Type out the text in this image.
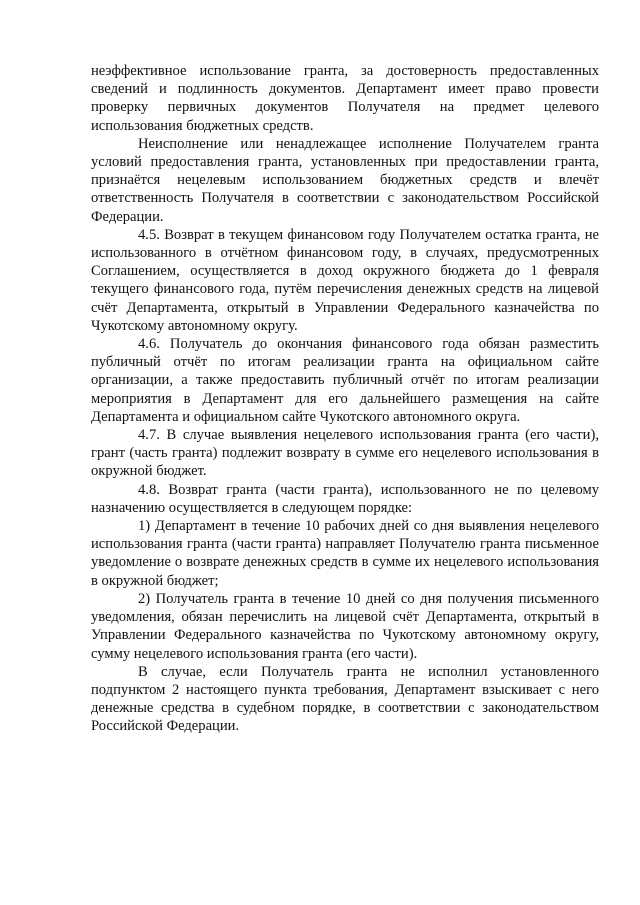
неэффективное использование гранта, за достоверность предоставленных сведений и подлинность документов. Департамент имеет право провести проверку первичных документов Получателя на предмет целевого использования бюджетных средств.

Неисполнение или ненадлежащее исполнение Получателем гранта условий предоставления гранта, установленных при предоставлении гранта, признаётся нецелевым использованием бюджетных средств и влечёт ответственность Получателя в соответствии с законодательством Российской Федерации.

4.5. Возврат в текущем финансовом году Получателем остатка гранта, не использованного в отчётном финансовом году, в случаях, предусмотренных Соглашением, осуществляется в доход окружного бюджета до 1 февраля текущего финансового года, путём перечисления денежных средств на лицевой счёт Департамента, открытый в Управлении Федерального казначейства по Чукотскому автономному округу.

4.6. Получатель до окончания финансового года обязан разместить публичный отчёт по итогам реализации гранта на официальном сайте организации, а также предоставить публичный отчёт по итогам реализации мероприятия в Департамент для его дальнейшего размещения на сайте Департамента и официальном сайте Чукотского автономного округа.

4.7. В случае выявления нецелевого использования гранта (его части), грант (часть гранта) подлежит возврату в сумме его нецелевого использования в окружной бюджет.

4.8. Возврат гранта (части гранта), использованного не по целевому назначению осуществляется в следующем порядке:

1) Департамент в течение 10 рабочих дней со дня выявления нецелевого использования гранта (части гранта) направляет Получателю гранта письменное уведомление о возврате денежных средств в сумме их нецелевого использования в окружной бюджет;

2) Получатель гранта в течение 10 дней со дня получения письменного уведомления, обязан перечислить на лицевой счёт Департамента, открытый в Управлении Федерального казначейства по Чукотскому автономному округу, сумму нецелевого использования гранта (его части).

В случае, если Получатель гранта не исполнил установленного подпунктом 2 настоящего пункта требования, Департамент взыскивает с него денежные средства в судебном порядке, в соответствии с законодательством Российской Федерации.
